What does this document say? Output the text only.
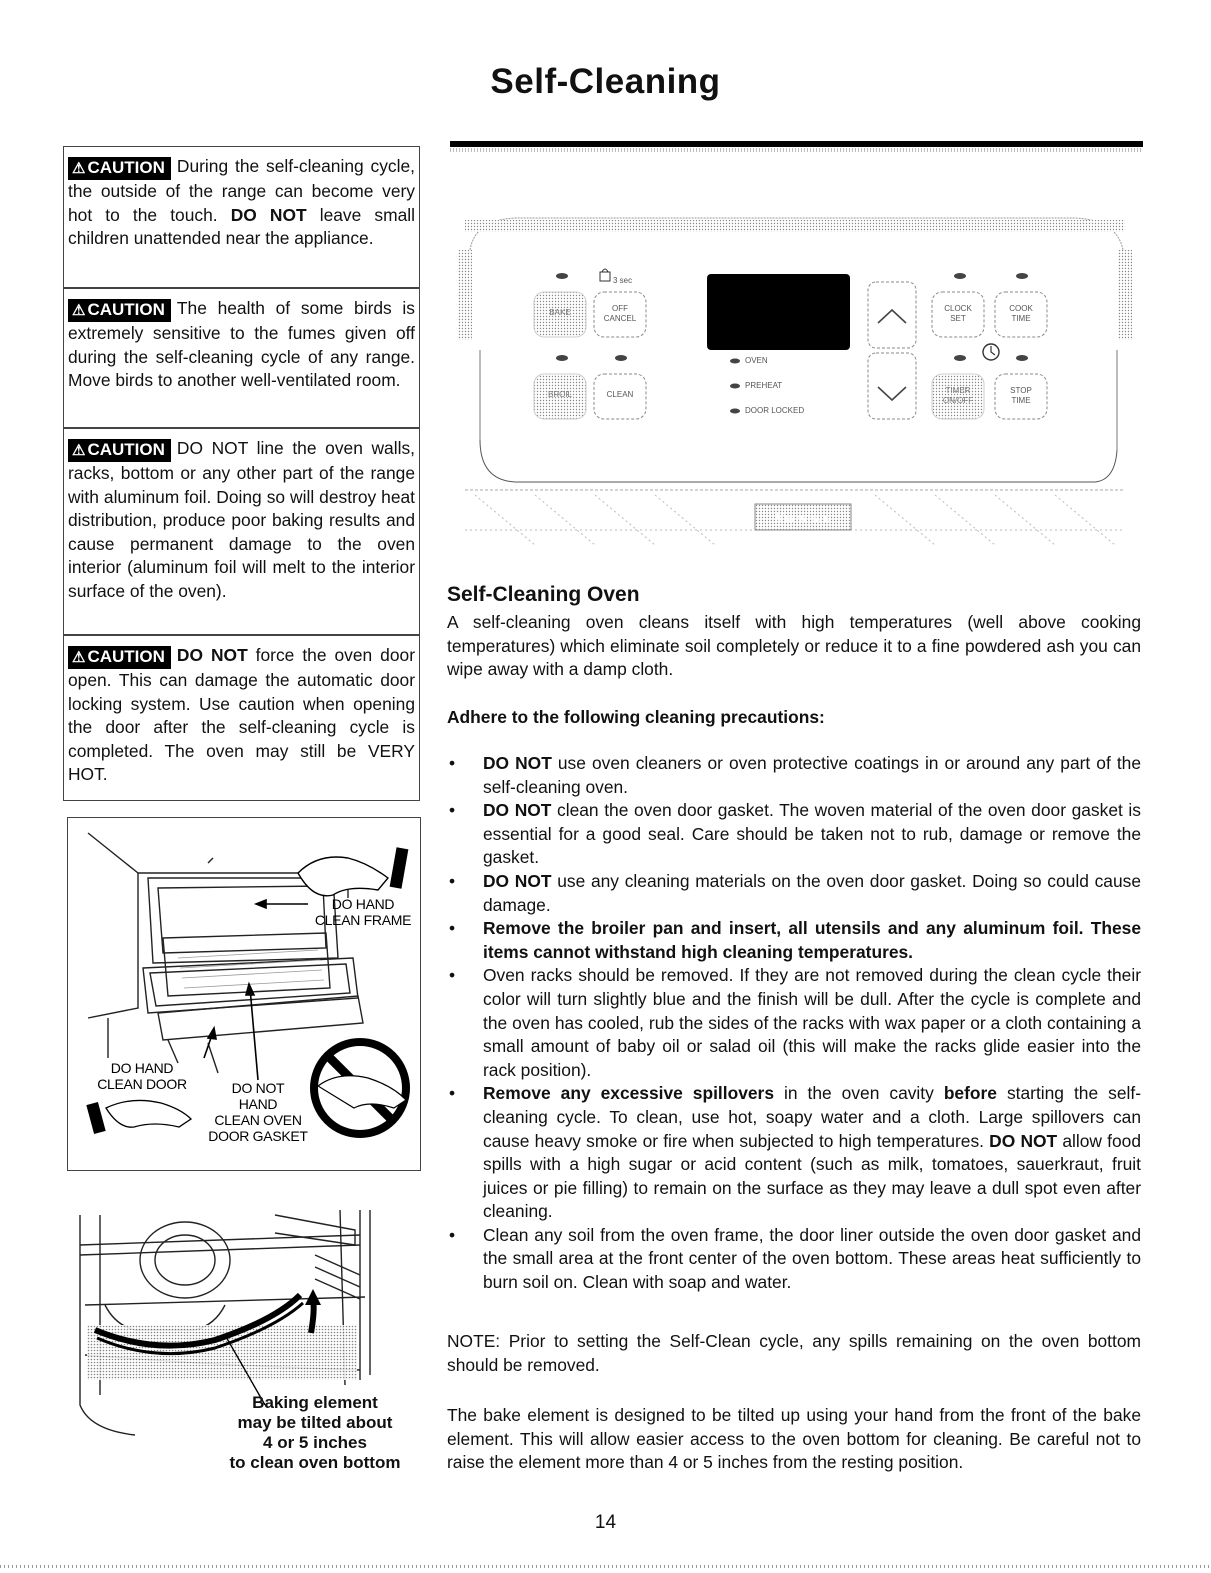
Self-Cleaning
⚠ CAUTION During the self-cleaning cycle, the outside of the range can become very hot to the touch. DO NOT leave small children unattended near the appliance.
⚠ CAUTION The health of some birds is extremely sensitive to the fumes given off during the self-cleaning cycle of any range. Move birds to another well-ventilated room.
⚠ CAUTION DO NOT line the oven walls, racks, bottom or any other part of the range with aluminum foil. Doing so will destroy heat distribution, produce poor baking results and cause permanent damage to the oven interior (aluminum foil will melt to the interior surface of the oven).
⚠ CAUTION DO NOT force the oven door open. This can damage the automatic door locking system. Use caution when opening the door after the self-cleaning cycle is completed. The oven may still be VERY HOT.
DO HAND
CLEAN FRAME
DO HAND
CLEAN DOOR	DO NOT
HAND
CLEAN OVEN
DOOR GASKET
Baking element
may be tilted about
4 or 5 inches
to clean oven bottom
3 sec
BAKE	OFF
CANCEL
BROIL	CLEAN
OVEN
PREHEAT
DOOR LOCKED
CLOCK
SET
COOK
TIME
TIMER
ON/OFF
STOP
TIME
Kenmore
Self-Cleaning Oven
A self-cleaning oven cleans itself with high temperatures (well above cooking temperatures) which eliminate soil completely or reduce it to a fine powdered ash you can wipe away with a damp cloth.
Adhere to the following cleaning precautions:
• DO NOT use oven cleaners or oven protective coatings in or around any part of the self-cleaning oven.
• DO NOT clean the oven door gasket. The woven material of the oven door gasket is essential for a good seal. Care should be taken not to rub, damage or remove the gasket.
• DO NOT use any cleaning materials on the oven door gasket. Doing so could cause damage.
• Remove the broiler pan and insert, all utensils and any aluminum foil. These items cannot withstand high cleaning temperatures.
• Oven racks should be removed. If they are not removed during the clean cycle their color will turn slightly blue and the finish will be dull. After the cycle is complete and the oven has cooled, rub the sides of the racks with wax paper or a cloth containing a small amount of baby oil or salad oil (this will make the racks glide easier into the rack position).
• Remove any excessive spillovers in the oven cavity before starting the self-cleaning cycle. To clean, use hot, soapy water and a cloth. Large spillovers can cause heavy smoke or fire when subjected to high temperatures. DO NOT allow food spills with a high sugar or acid content (such as milk, tomatoes, sauerkraut, fruit juices or pie filling) to remain on the surface as they may leave a dull spot even after cleaning.
• Clean any soil from the oven frame, the door liner outside the oven door gasket and the small area at the front center of the oven bottom. These areas heat sufficiently to burn soil on. Clean with soap and water.
NOTE: Prior to setting the Self-Clean cycle, any spills remaining on the oven bottom should be removed.
The bake element is designed to be tilted up using your hand from the front of the bake element. This will allow easier access to the oven bottom for cleaning. Be careful not to raise the element more than 4 or 5 inches from the resting position.
14
